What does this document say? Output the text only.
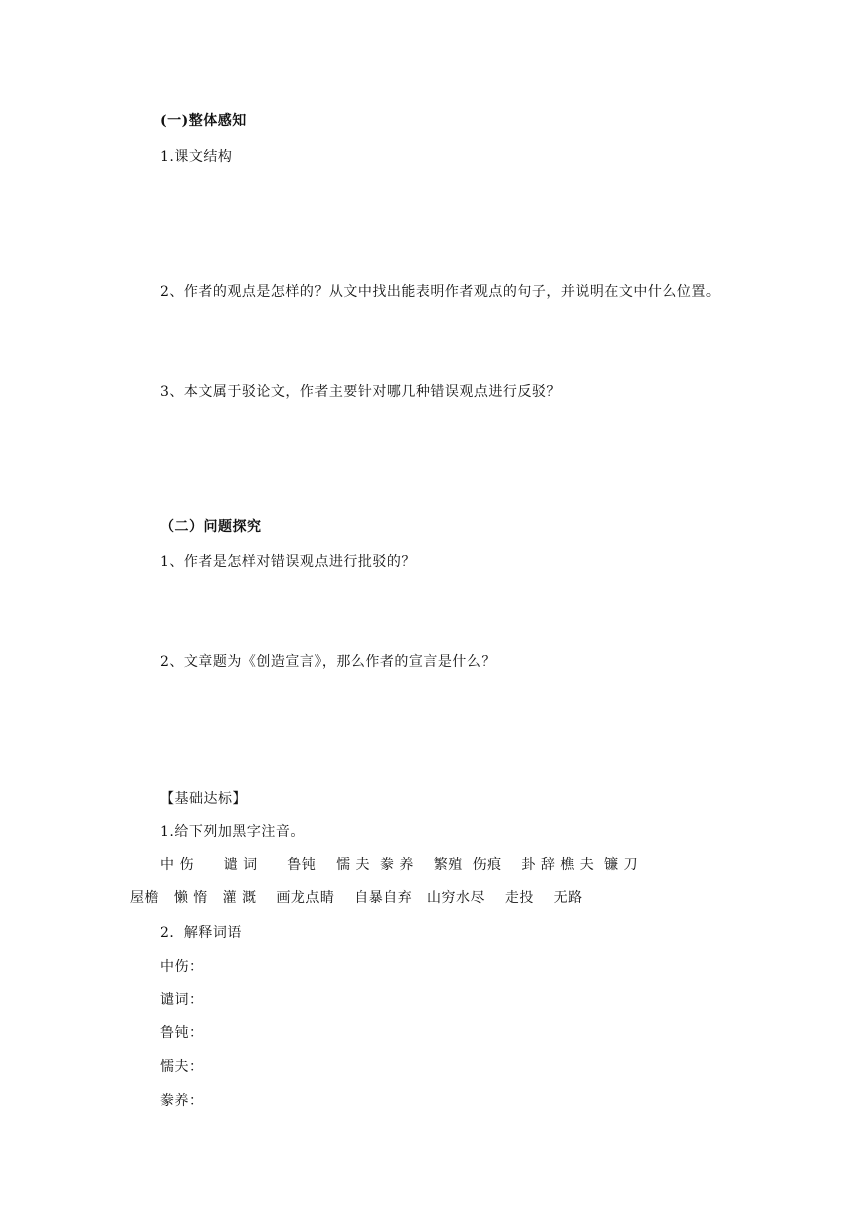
(一)整体感知
1.课文结构
2、作者的观点是怎样的？从文中找出能表明作者观点的句子，并说明在文中什么位置。
3、本文属于驳论文，作者主要针对哪几种错误观点进行反驳？
（二）问题探究
1、作者是怎样对错误观点进行批驳的？
2、文章题为《创造宣言》，那么作者的宣言是什么？
【基础达标】
1.给下列加黑字注音。
中 伤      谴 词      鲁钝    懦 夫  豢 养    繁殖  伤痕    卦 辞 樵 夫  镰 刀
屋檐   懒 惰   灌 溉    画龙点睛    自暴自弃   山穷水尽    走投    无路
2．解释词语
中伤：
谴词：
鲁钝：
懦夫：
豢养：
